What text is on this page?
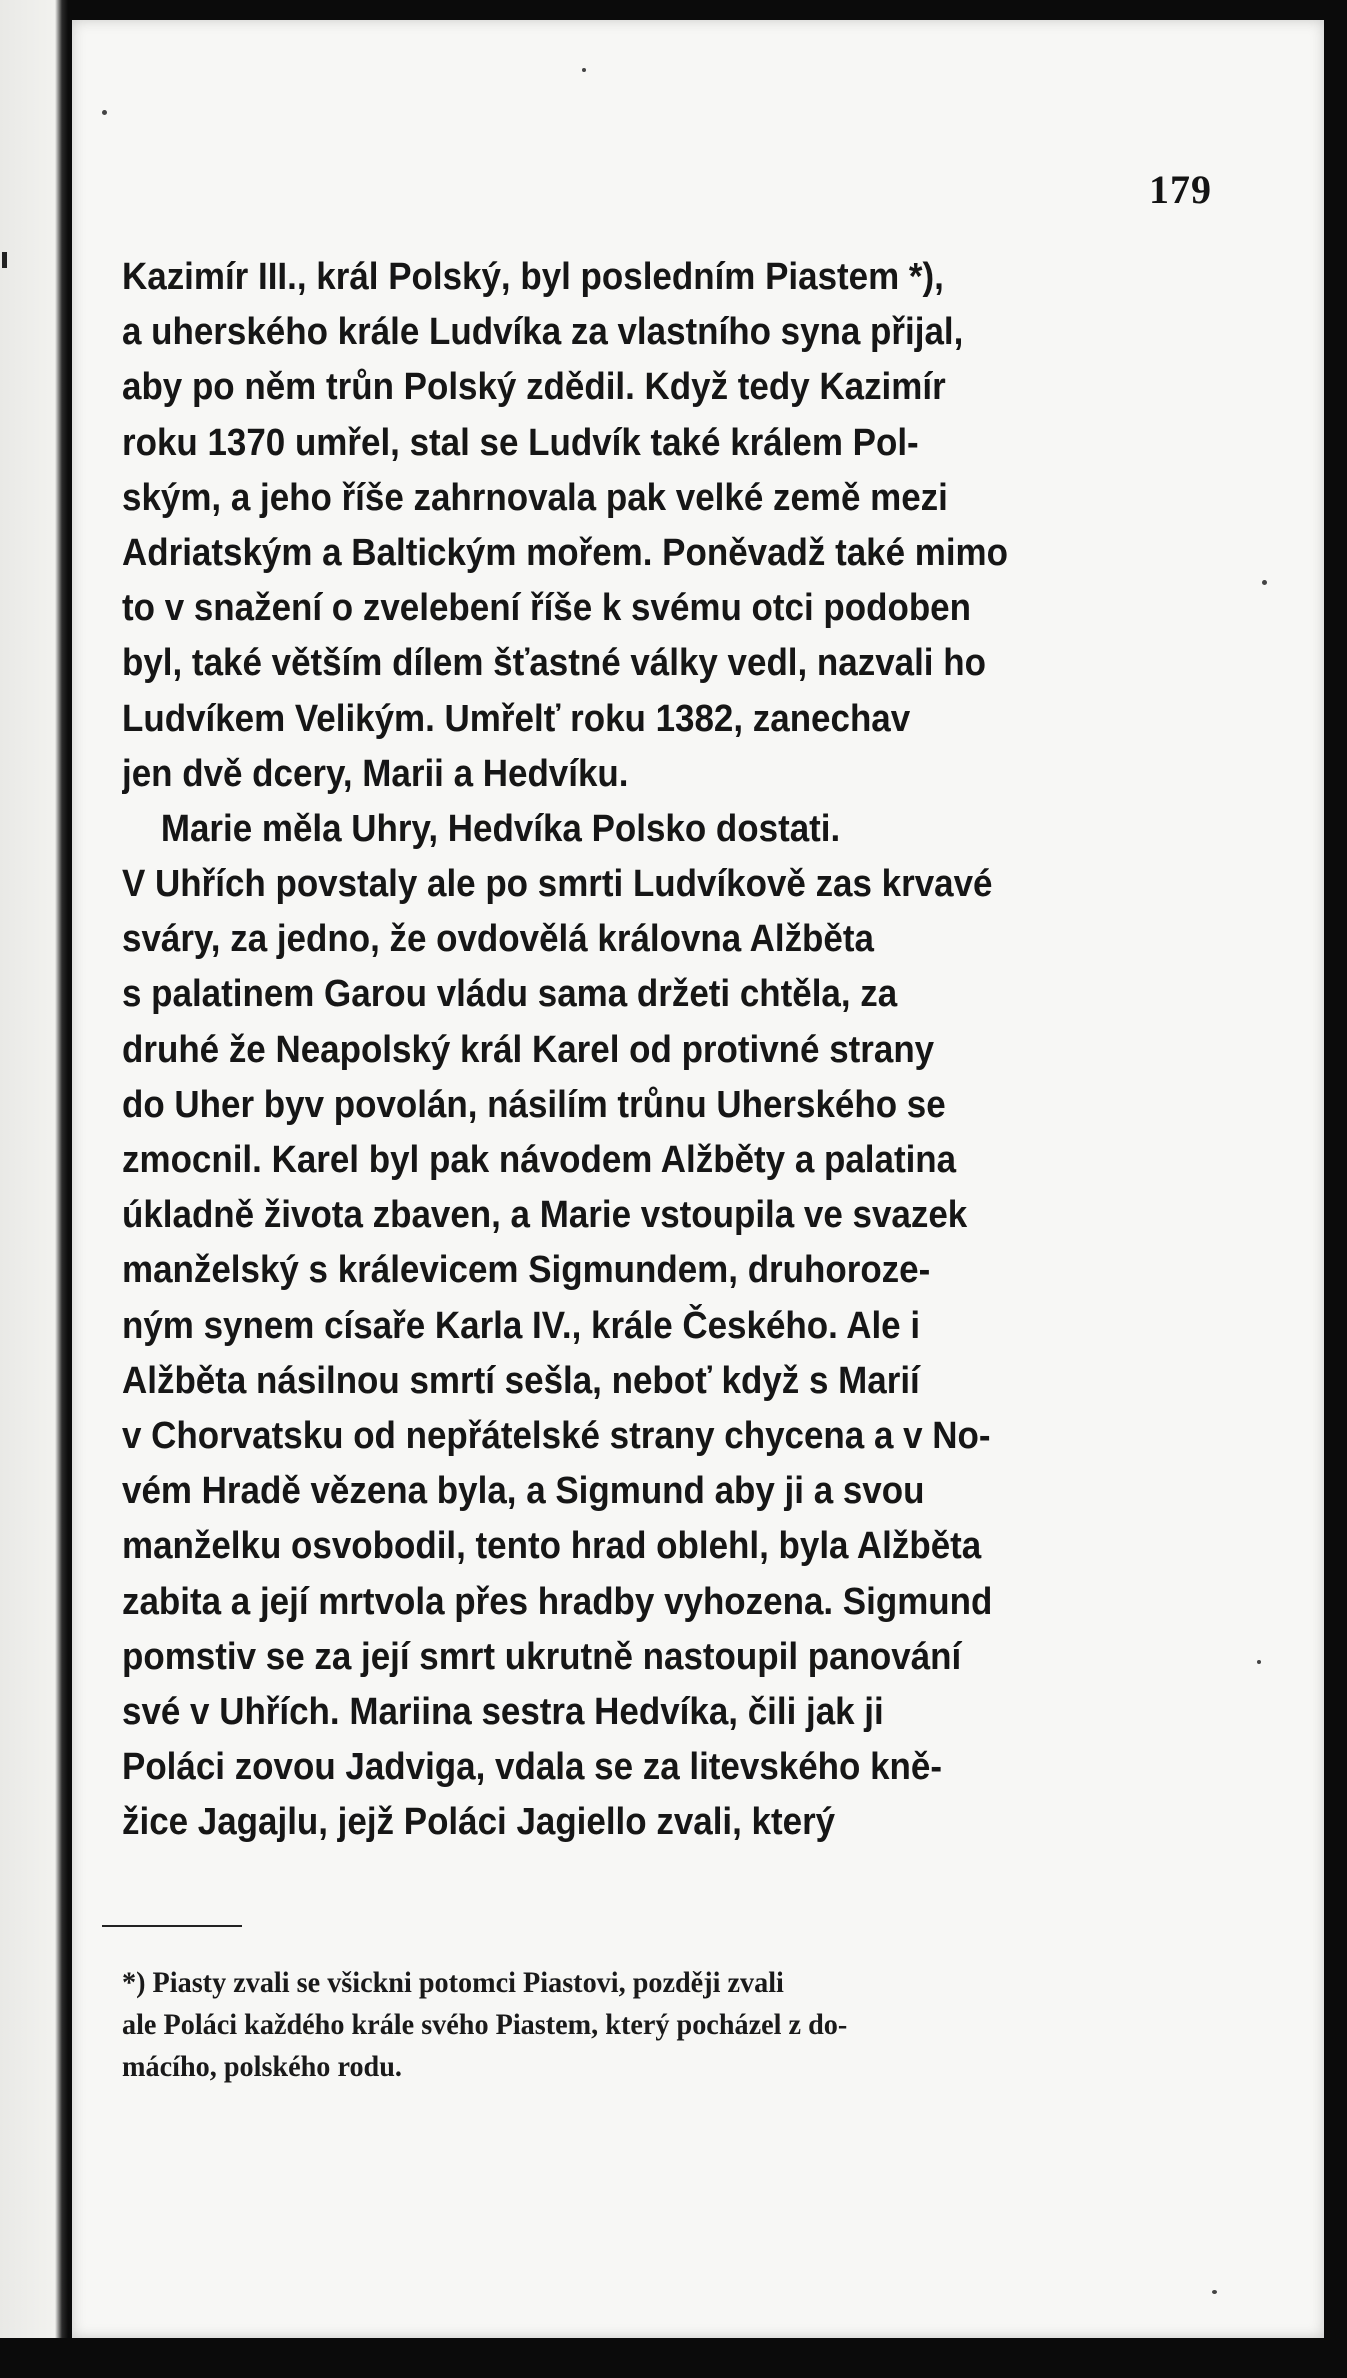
179
Kazimír III., král Polský, byl posledním Piastem *),
a uherského krále Ludvíka za vlastního syna přijal,
aby po něm trůn Polský zdědil. Když tedy Kazimír
roku 1370 umřel, stal se Ludvík také králem Pol-
ským, a jeho říše zahrnovala pak velké země mezi
Adriatským a Baltickým mořem. Poněvadž také mimo
to v snažení o zvelebení říše k svému otci podoben
byl, také větším dílem šťastné války vedl, nazvali ho
Ludvíkem Velikým. Umřelť roku 1382, zanechav
jen dvě dcery, Marii a Hedvíku.
Marie měla Uhry, Hedvíka Polsko dostati.
V Uhřích povstaly ale po smrti Ludvíkově zas krvavé
sváry, za jedno, že ovdovělá královna Alžběta
s palatinem Garou vládu sama držeti chtěla, za
druhé že Neapolský král Karel od protivné strany
do Uher byv povolán, násilím trůnu Uherského se
zmocnil. Karel byl pak návodem Alžběty a palatina
úkladně života zbaven, a Marie vstoupila ve svazek
manželský s králevicem Sigmundem, druhoroze-
ným synem císaře Karla IV., krále Českého. Ale i
Alžběta násilnou smrtí sešla, neboť když s Marií
v Chorvatsku od nepřátelské strany chycena a v No-
vém Hradě vězena byla, a Sigmund aby ji a svou
manželku osvobodil, tento hrad oblehl, byla Alžběta
zabita a její mrtvola přes hradby vyhozena. Sigmund
pomstiv se za její smrt ukrutně nastoupil panování
své v Uhřích. Mariina sestra Hedvíka, čili jak ji
Poláci zovou Jadviga, vdala se za litevského kně-
žice Jagajlu, jejž Poláci Jagiello zvali, který
*) Piasty zvali se všickni potomci Piastovi, později zvali
ale Poláci každého krále svého Piastem, který pocházel z do-
mácího, polského rodu.
